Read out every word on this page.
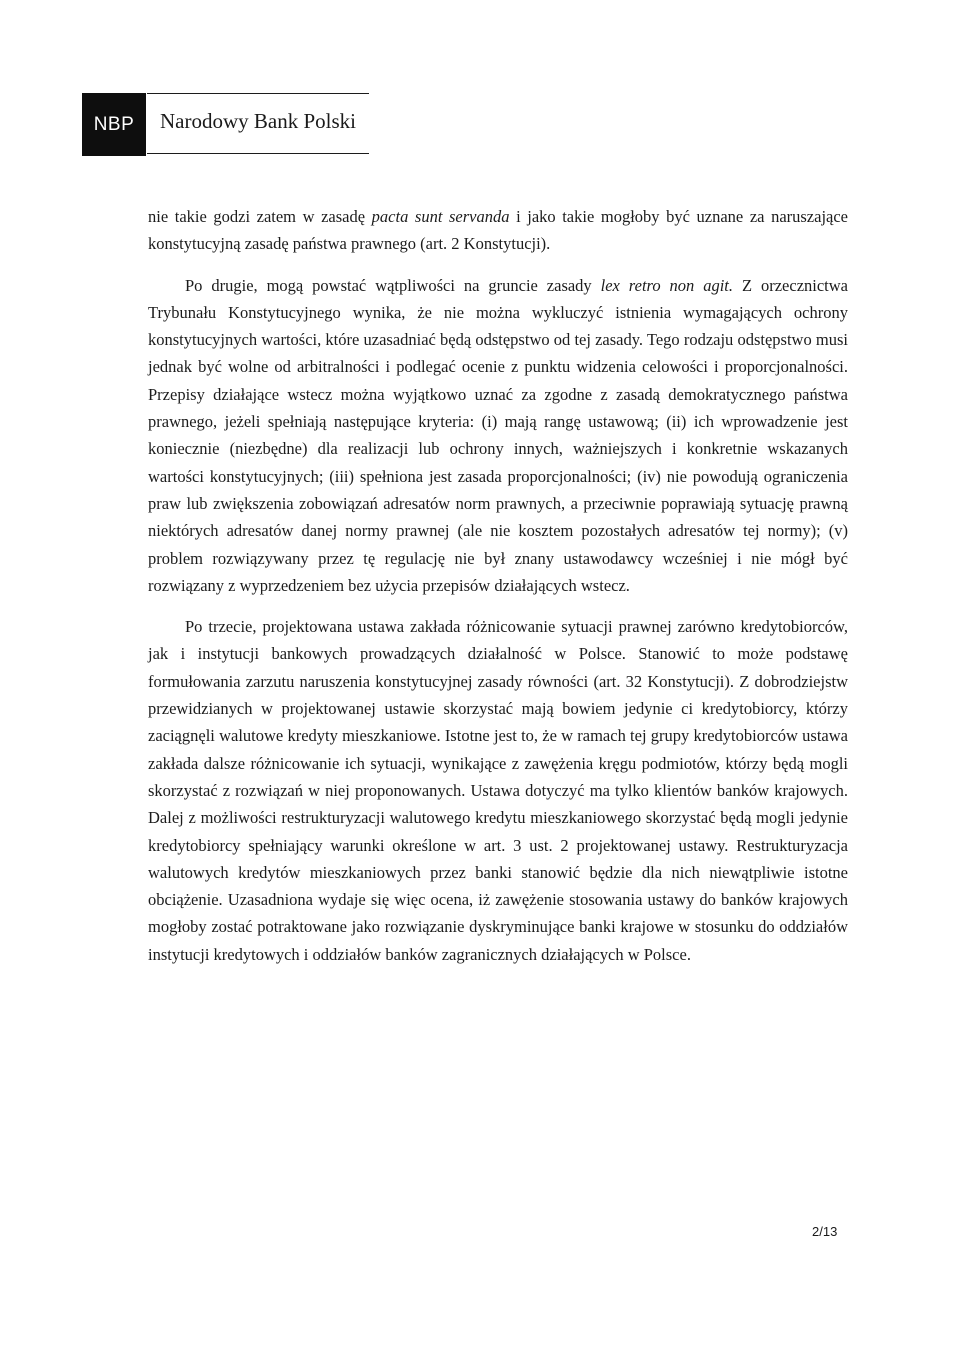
NBP Narodowy Bank Polski

nie takie godzi zatem w zasadę pacta sunt servanda i jako takie mogłoby być uznane za naruszające konstytucyjną zasadę państwa prawnego (art. 2 Konstytucji).

Po drugie, mogą powstać wątpliwości na gruncie zasady lex retro non agit. Z orzecznictwa Trybunału Konstytucyjnego wynika, że nie można wykluczyć istnienia wymagających ochrony konstytucyjnych wartości, które uzasadniać będą odstępstwo od tej zasady. Tego rodzaju odstępstwo musi jednak być wolne od arbitralności i podlegać ocenie z punktu widzenia celowości i proporcjonalności. Przepisy działające wstecz można wyjątkowo uznać za zgodne z zasadą demokratycznego państwa prawnego, jeżeli spełniają następujące kryteria: (i) mają rangę ustawową; (ii) ich wprowadzenie jest koniecznie (niezbędne) dla realizacji lub ochrony innych, ważniejszych i konkretnie wskazanych wartości konstytucyjnych; (iii) spełniona jest zasada proporcjonalności; (iv) nie powodują ograniczenia praw lub zwiększenia zobowiązań adresatów norm prawnych, a przeciwnie poprawiają sytuację prawną niektórych adresatów danej normy prawnej (ale nie kosztem pozostałych adresatów tej normy); (v) problem rozwiązywany przez tę regulację nie był znany ustawodawcy wcześniej i nie mógł być rozwiązany z wyprzedzeniem bez użycia przepisów działających wstecz.

Po trzecie, projektowana ustawa zakłada różnicowanie sytuacji prawnej zarówno kredytobiorców, jak i instytucji bankowych prowadzących działalność w Polsce. Stanowić to może podstawę formułowania zarzutu naruszenia konstytucyjnej zasady równości (art. 32 Konstytucji). Z dobrodziejstw przewidzianych w projektowanej ustawie skorzystać mają bowiem jedynie ci kredytobiorcy, którzy zaciągnęli walutowe kredyty mieszkaniowe. Istotne jest to, że w ramach tej grupy kredytobiorców ustawa zakłada dalsze różnicowanie ich sytuacji, wynikające z zawężenia kręgu podmiotów, którzy będą mogli skorzystać z rozwiązań w niej proponowanych. Ustawa dotyczyć ma tylko klientów banków krajowych. Dalej z możliwości restrukturyzacji walutowego kredytu mieszkaniowego skorzystać będą mogli jedynie kredytobiorcy spełniający warunki określone w art. 3 ust. 2 projektowanej ustawy. Restrukturyzacja walutowych kredytów mieszkaniowych przez banki stanowić będzie dla nich niewątpliwie istotne obciążenie. Uzasadniona wydaje się więc ocena, iż zawężenie stosowania ustawy do banków krajowych mogłoby zostać potraktowane jako rozwiązanie dyskryminujące banki krajowe w stosunku do oddziałów instytucji kredytowych i oddziałów banków zagranicznych działających w Polsce.

2/13
